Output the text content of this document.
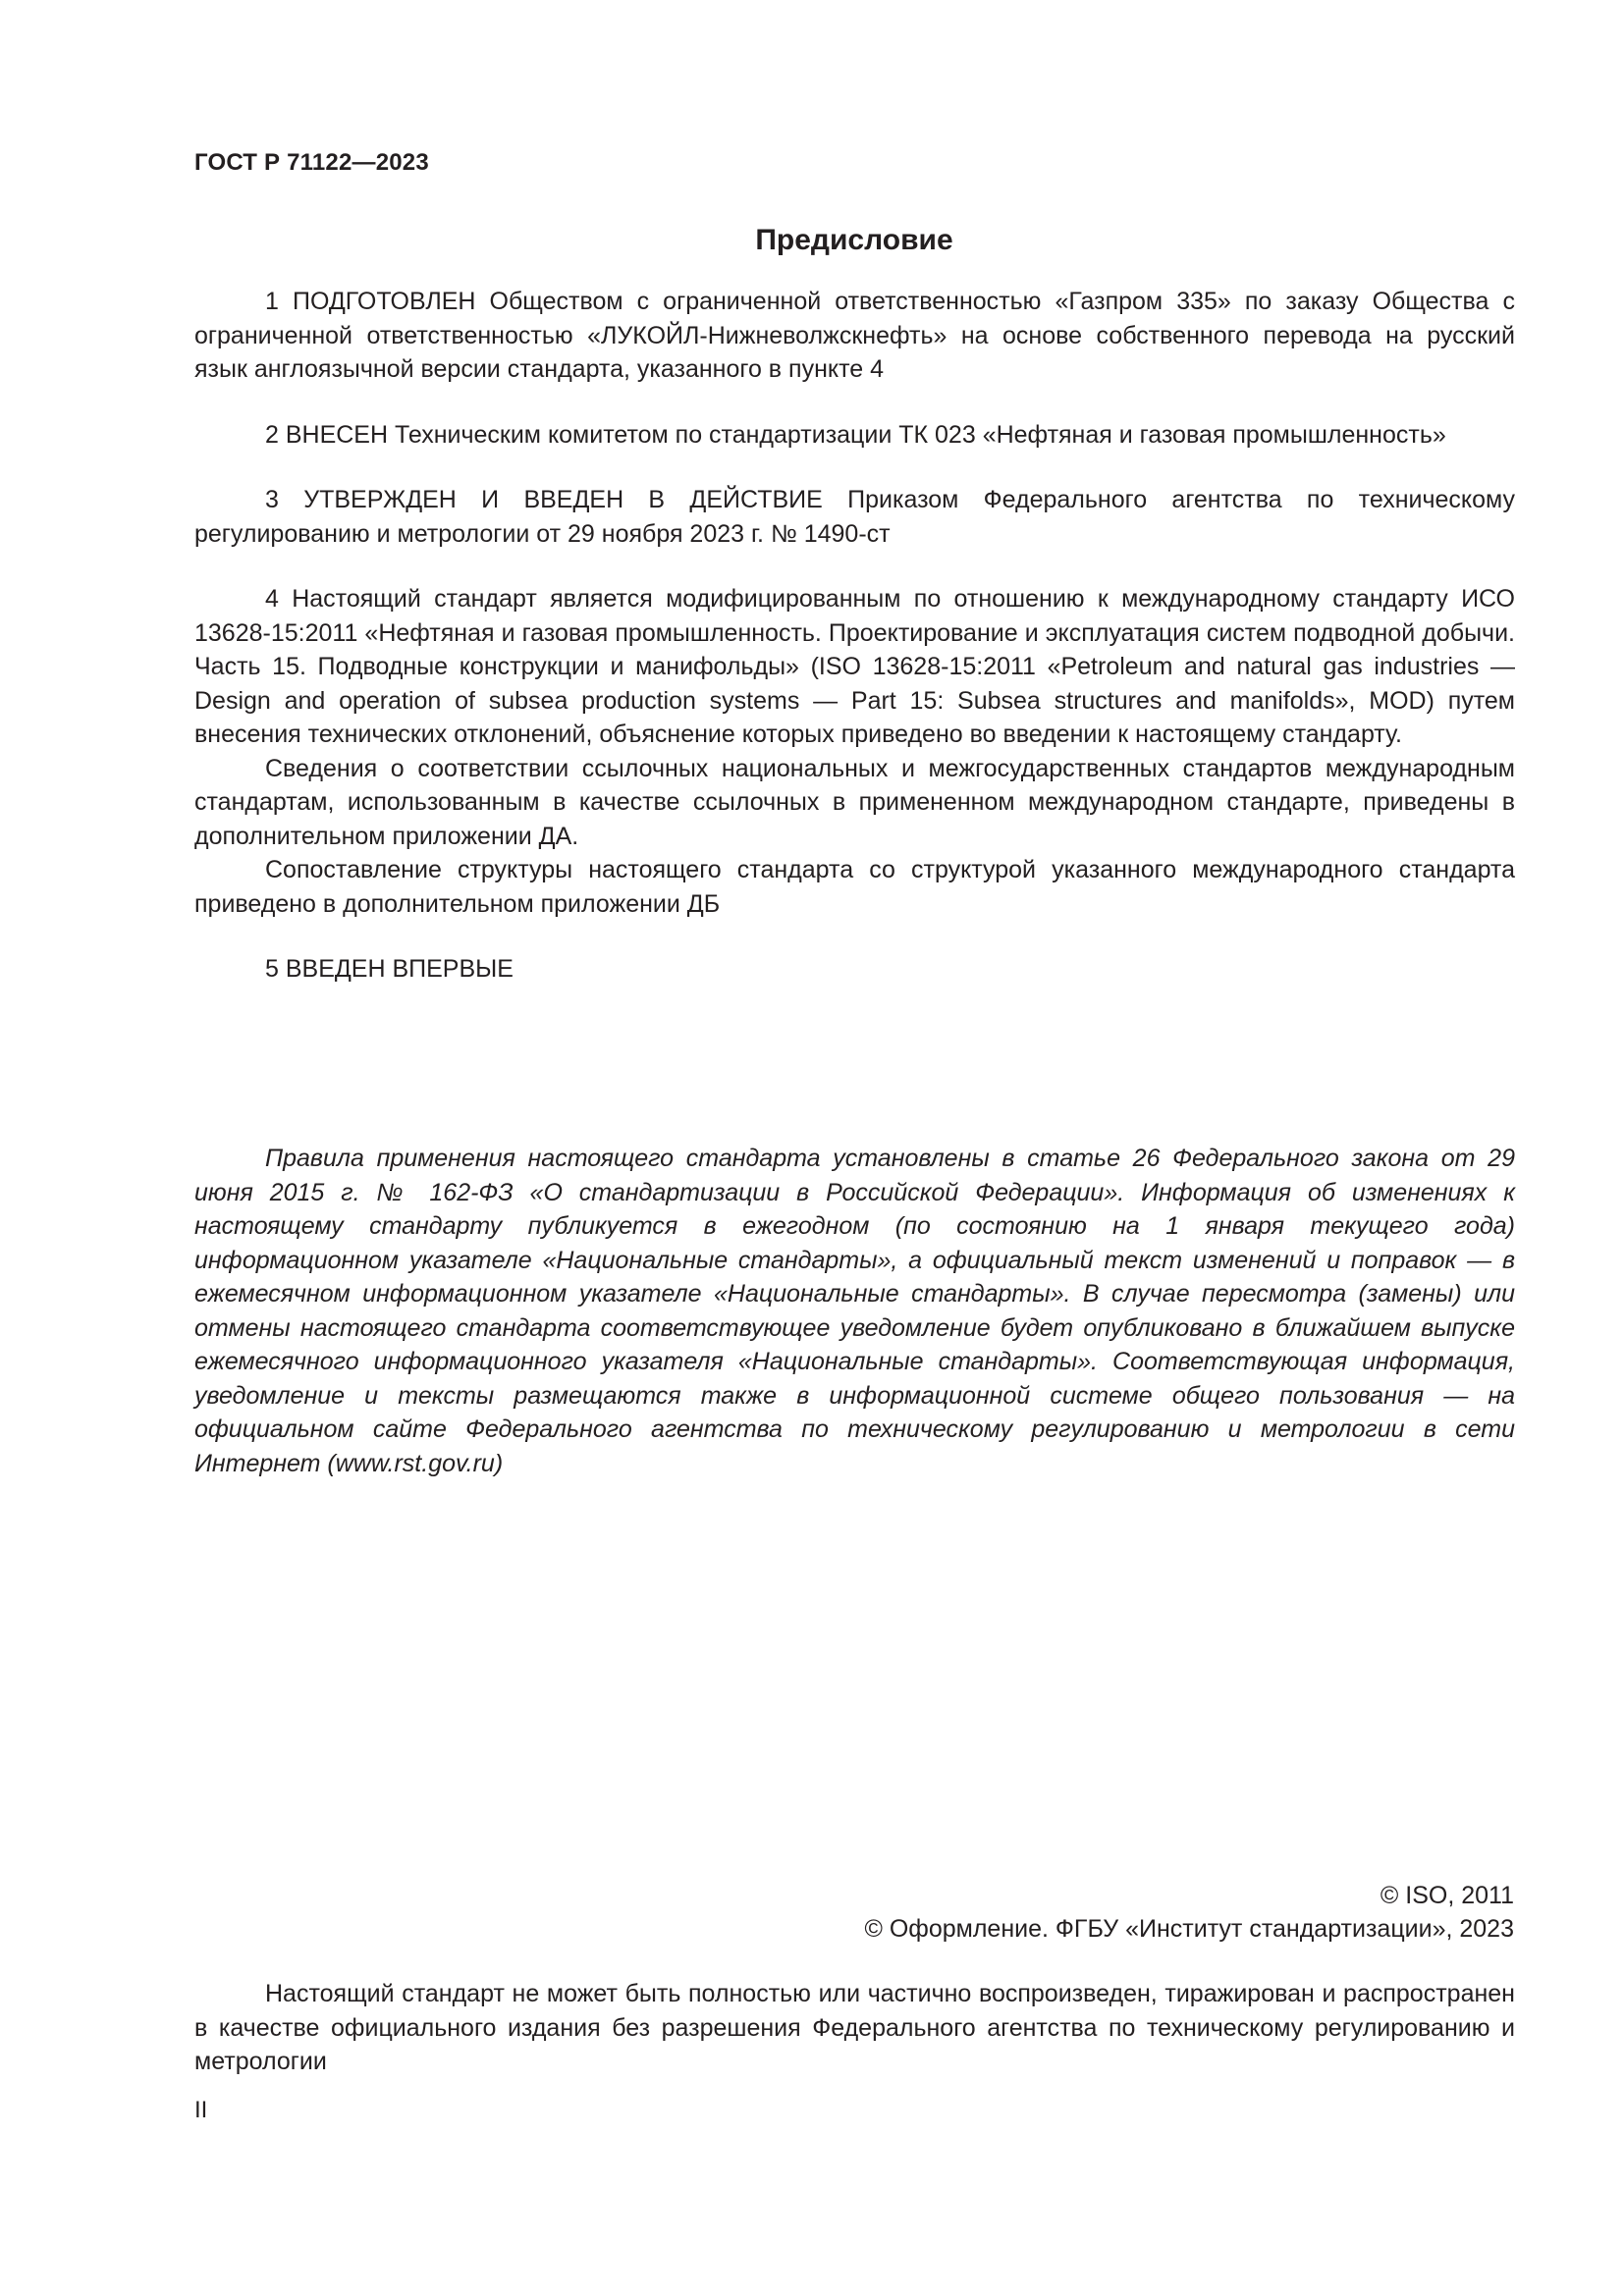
ГОСТ Р 71122—2023
Предисловие

1 ПОДГОТОВЛЕН Обществом с ограниченной ответственностью «Газпром 335» по заказу Общества с ограниченной ответственностью «ЛУКОЙЛ-Нижневолжскнефть» на основе собственного перевода на русский язык англоязычной версии стандарта, указанного в пункте 4

2 ВНЕСЕН Техническим комитетом по стандартизации ТК 023 «Нефтяная и газовая промышленность»

3 УТВЕРЖДЕН И ВВЕДЕН В ДЕЙСТВИЕ Приказом Федерального агентства по техническому регулированию и метрологии от 29 ноября 2023 г. № 1490-ст

4 Настоящий стандарт является модифицированным по отношению к международному стандарту ИСО 13628-15:2011 «Нефтяная и газовая промышленность. Проектирование и эксплуатация систем подводной добычи. Часть 15. Подводные конструкции и манифольды» (ISO 13628-15:2011 «Petroleum and natural gas industries — Design and operation of subsea production systems — Part 15: Subsea structures and manifolds», MOD) путем внесения технических отклонений, объяснение которых приведено во введении к настоящему стандарту.

Сведения о соответствии ссылочных национальных и межгосударственных стандартов международным стандартам, использованным в качестве ссылочных в примененном международном стандарте, приведены в дополнительном приложении ДА.

Сопоставление структуры настоящего стандарта со структурой указанного международного стандарта приведено в дополнительном приложении ДБ

5 ВВЕДЕН ВПЕРВЫЕ

Правила применения настоящего стандарта установлены в статье 26 Федерального закона от 29 июня 2015 г. № 162-ФЗ «О стандартизации в Российской Федерации». Информация об изменениях к настоящему стандарту публикуется в ежегодном (по состоянию на 1 января текущего года) информационном указателе «Национальные стандарты», а официальный текст изменений и поправок — в ежемесячном информационном указателе «Национальные стандарты». В случае пересмотра (замены) или отмены настоящего стандарта соответствующее уведомление будет опубликовано в ближайшем выпуске ежемесячного информационного указателя «Национальные стандарты». Соответствующая информация, уведомление и тексты размещаются также в информационной системе общего пользования — на официальном сайте Федерального агентства по техническому регулированию и метрологии в сети Интернет (www.rst.gov.ru)

© ISO, 2011
© Оформление. ФГБУ «Институт стандартизации», 2023

Настоящий стандарт не может быть полностью или частично воспроизведен, тиражирован и распространен в качестве официального издания без разрешения Федерального агентства по техническому регулированию и метрологии

II
